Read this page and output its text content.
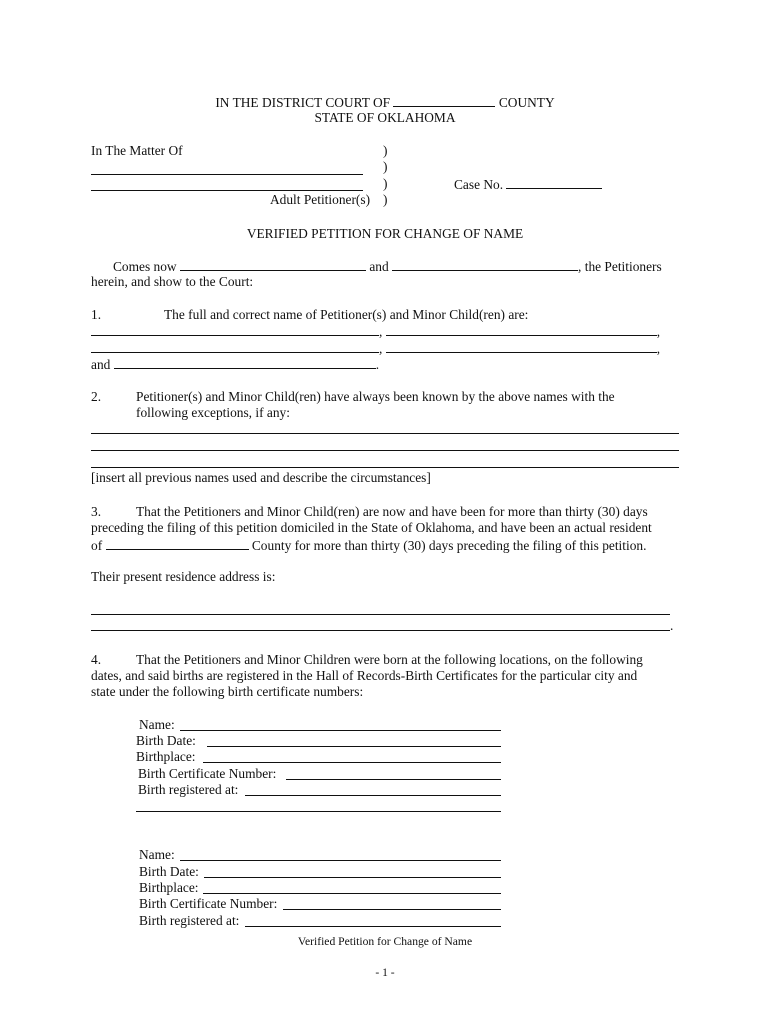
IN THE DISTRICT COURT OF	COUNTY
STATE OF OKLAHOMA
In The Matter Of
Adult Petitioner(s)
)
)
)
)
Case No.
VERIFIED PETITION FOR CHANGE OF NAME
Comes now	and	, the Petitioners
herein, and show to the Court:
1.	The full and correct name of Petitioner(s) and Minor Child(ren) are:
,	,
,	,
and	.
2.	Petitioner(s) and Minor Child(ren) have always been known by the above names with the
following exceptions, if any:
[insert all previous names used and describe the circumstances]
3.	That the Petitioners and Minor Child(ren) are now and have been for more than thirty (30) days
preceding the filing of this petition domiciled in the State of Oklahoma, and have been an actual resident
of	County for more than thirty (30) days preceding the filing of this petition.
Their present residence address is:
.
4.	That the Petitioners and Minor Children were born at the following locations, on the following
dates, and said births are registered in the Hall of Records-Birth Certificates for the particular city and
state under the following birth certificate numbers:
Name:
Birth Date:
Birthplace:
Birth Certificate Number:
Birth registered at:
Name:
Birth Date:
Birthplace:
Birth Certificate Number:
Birth registered at:
Verified Petition for Change of Name
- 1 -
